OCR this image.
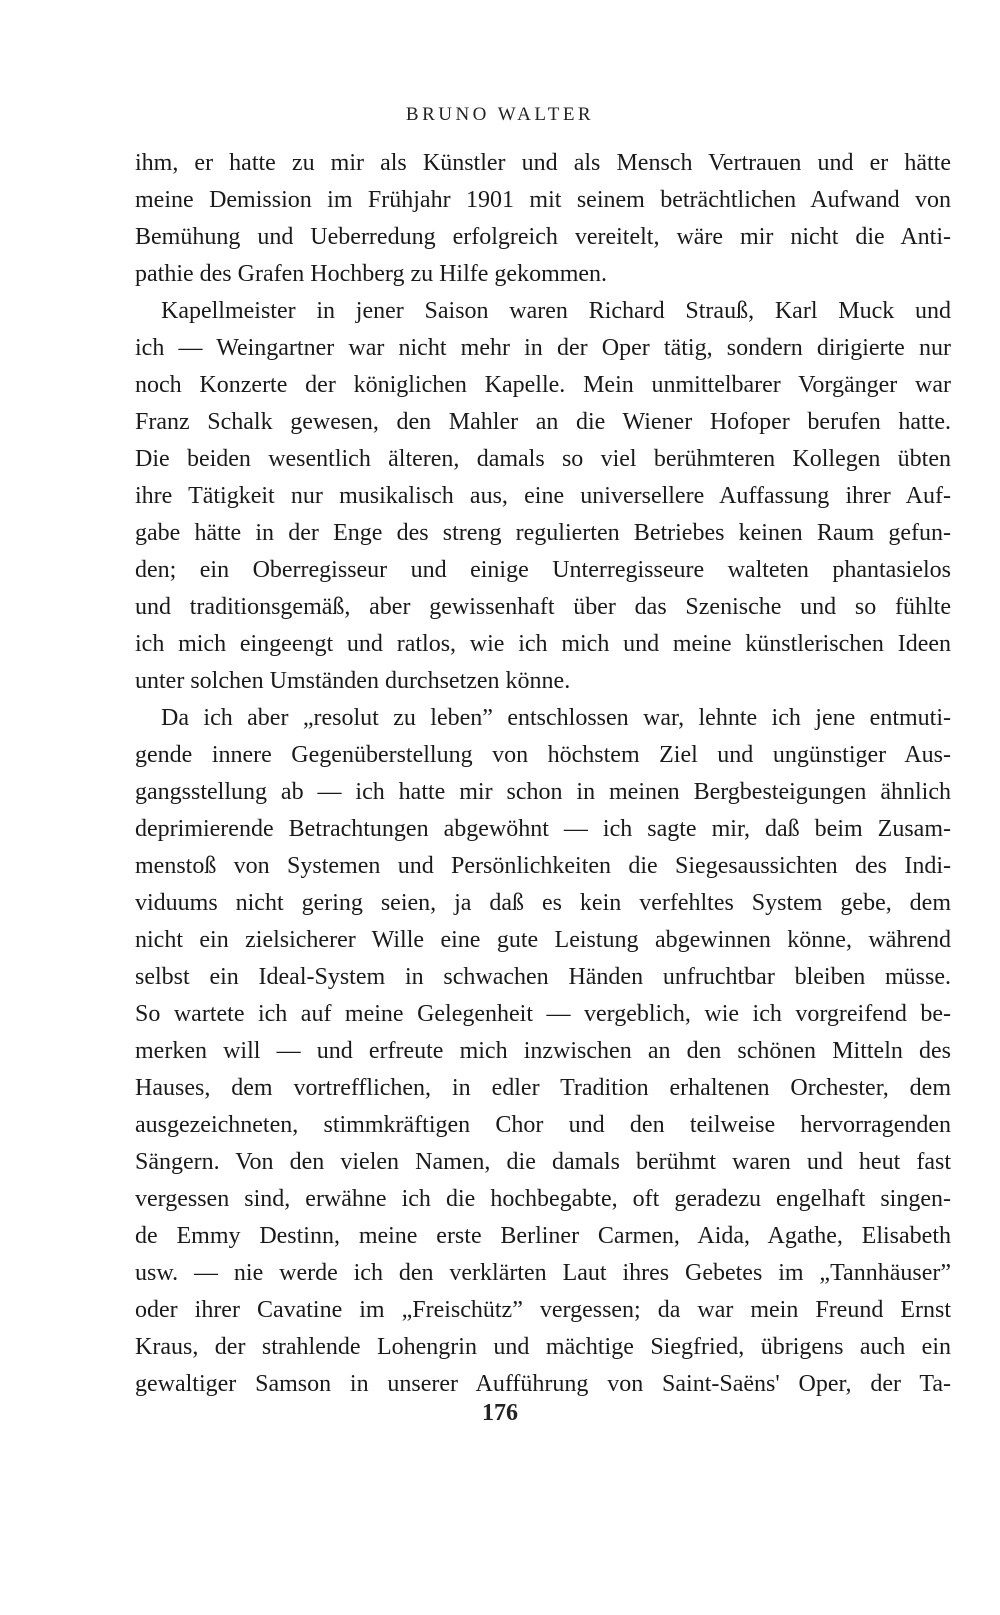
BRUNO WALTER
ihm, er hatte zu mir als Künstler und als Mensch Vertrauen und er hätte
meine Demission im Frühjahr 1901 mit seinem beträchtlichen Aufwand von
Bemühung und Ueberredung erfolgreich vereitelt, wäre mir nicht die Anti-
pathie des Grafen Hochberg zu Hilfe gekommen.
Kapellmeister in jener Saison waren Richard Strauß, Karl Muck und
ich — Weingartner war nicht mehr in der Oper tätig, sondern dirigierte nur
noch Konzerte der königlichen Kapelle. Mein unmittelbarer Vorgänger war
Franz Schalk gewesen, den Mahler an die Wiener Hofoper berufen hatte.
Die beiden wesentlich älteren, damals so viel berühmteren Kollegen übten
ihre Tätigkeit nur musikalisch aus, eine universellere Auffassung ihrer Auf-
gabe hätte in der Enge des streng regulierten Betriebes keinen Raum gefun-
den; ein Oberregisseur und einige Unterregisseure walteten phantasielos
und traditionsgemäß, aber gewissenhaft über das Szenische und so fühlte
ich mich eingeengt und ratlos, wie ich mich und meine künstlerischen Ideen
unter solchen Umständen durchsetzen könne.
Da ich aber „resolut zu leben” entschlossen war, lehnte ich jene entmuti-
gende innere Gegenüberstellung von höchstem Ziel und ungünstiger Aus-
gangsstellung ab — ich hatte mir schon in meinen Bergbesteigungen ähnlich
deprimierende Betrachtungen abgewöhnt — ich sagte mir, daß beim Zusam-
menstoß von Systemen und Persönlichkeiten die Siegesaussichten des Indi-
viduums nicht gering seien, ja daß es kein verfehltes System gebe, dem
nicht ein zielsicherer Wille eine gute Leistung abgewinnen könne, während
selbst ein Ideal-System in schwachen Händen unfruchtbar bleiben müsse.
So wartete ich auf meine Gelegenheit — vergeblich, wie ich vorgreifend be-
merken will — und erfreute mich inzwischen an den schönen Mitteln des
Hauses, dem vortrefflichen, in edler Tradition erhaltenen Orchester, dem
ausgezeichneten, stimmkräftigen Chor und den teilweise hervorragenden
Sängern. Von den vielen Namen, die damals berühmt waren und heut fast
vergessen sind, erwähne ich die hochbegabte, oft geradezu engelhaft singen-
de Emmy Destinn, meine erste Berliner Carmen, Aida, Agathe, Elisabeth
usw. — nie werde ich den verklärten Laut ihres Gebetes im „Tannhäuser”
oder ihrer Cavatine im „Freischütz” vergessen; da war mein Freund Ernst
Kraus, der strahlende Lohengrin und mächtige Siegfried, übrigens auch ein
gewaltiger Samson in unserer Aufführung von Saint-Saëns' Oper, der Ta-
176
